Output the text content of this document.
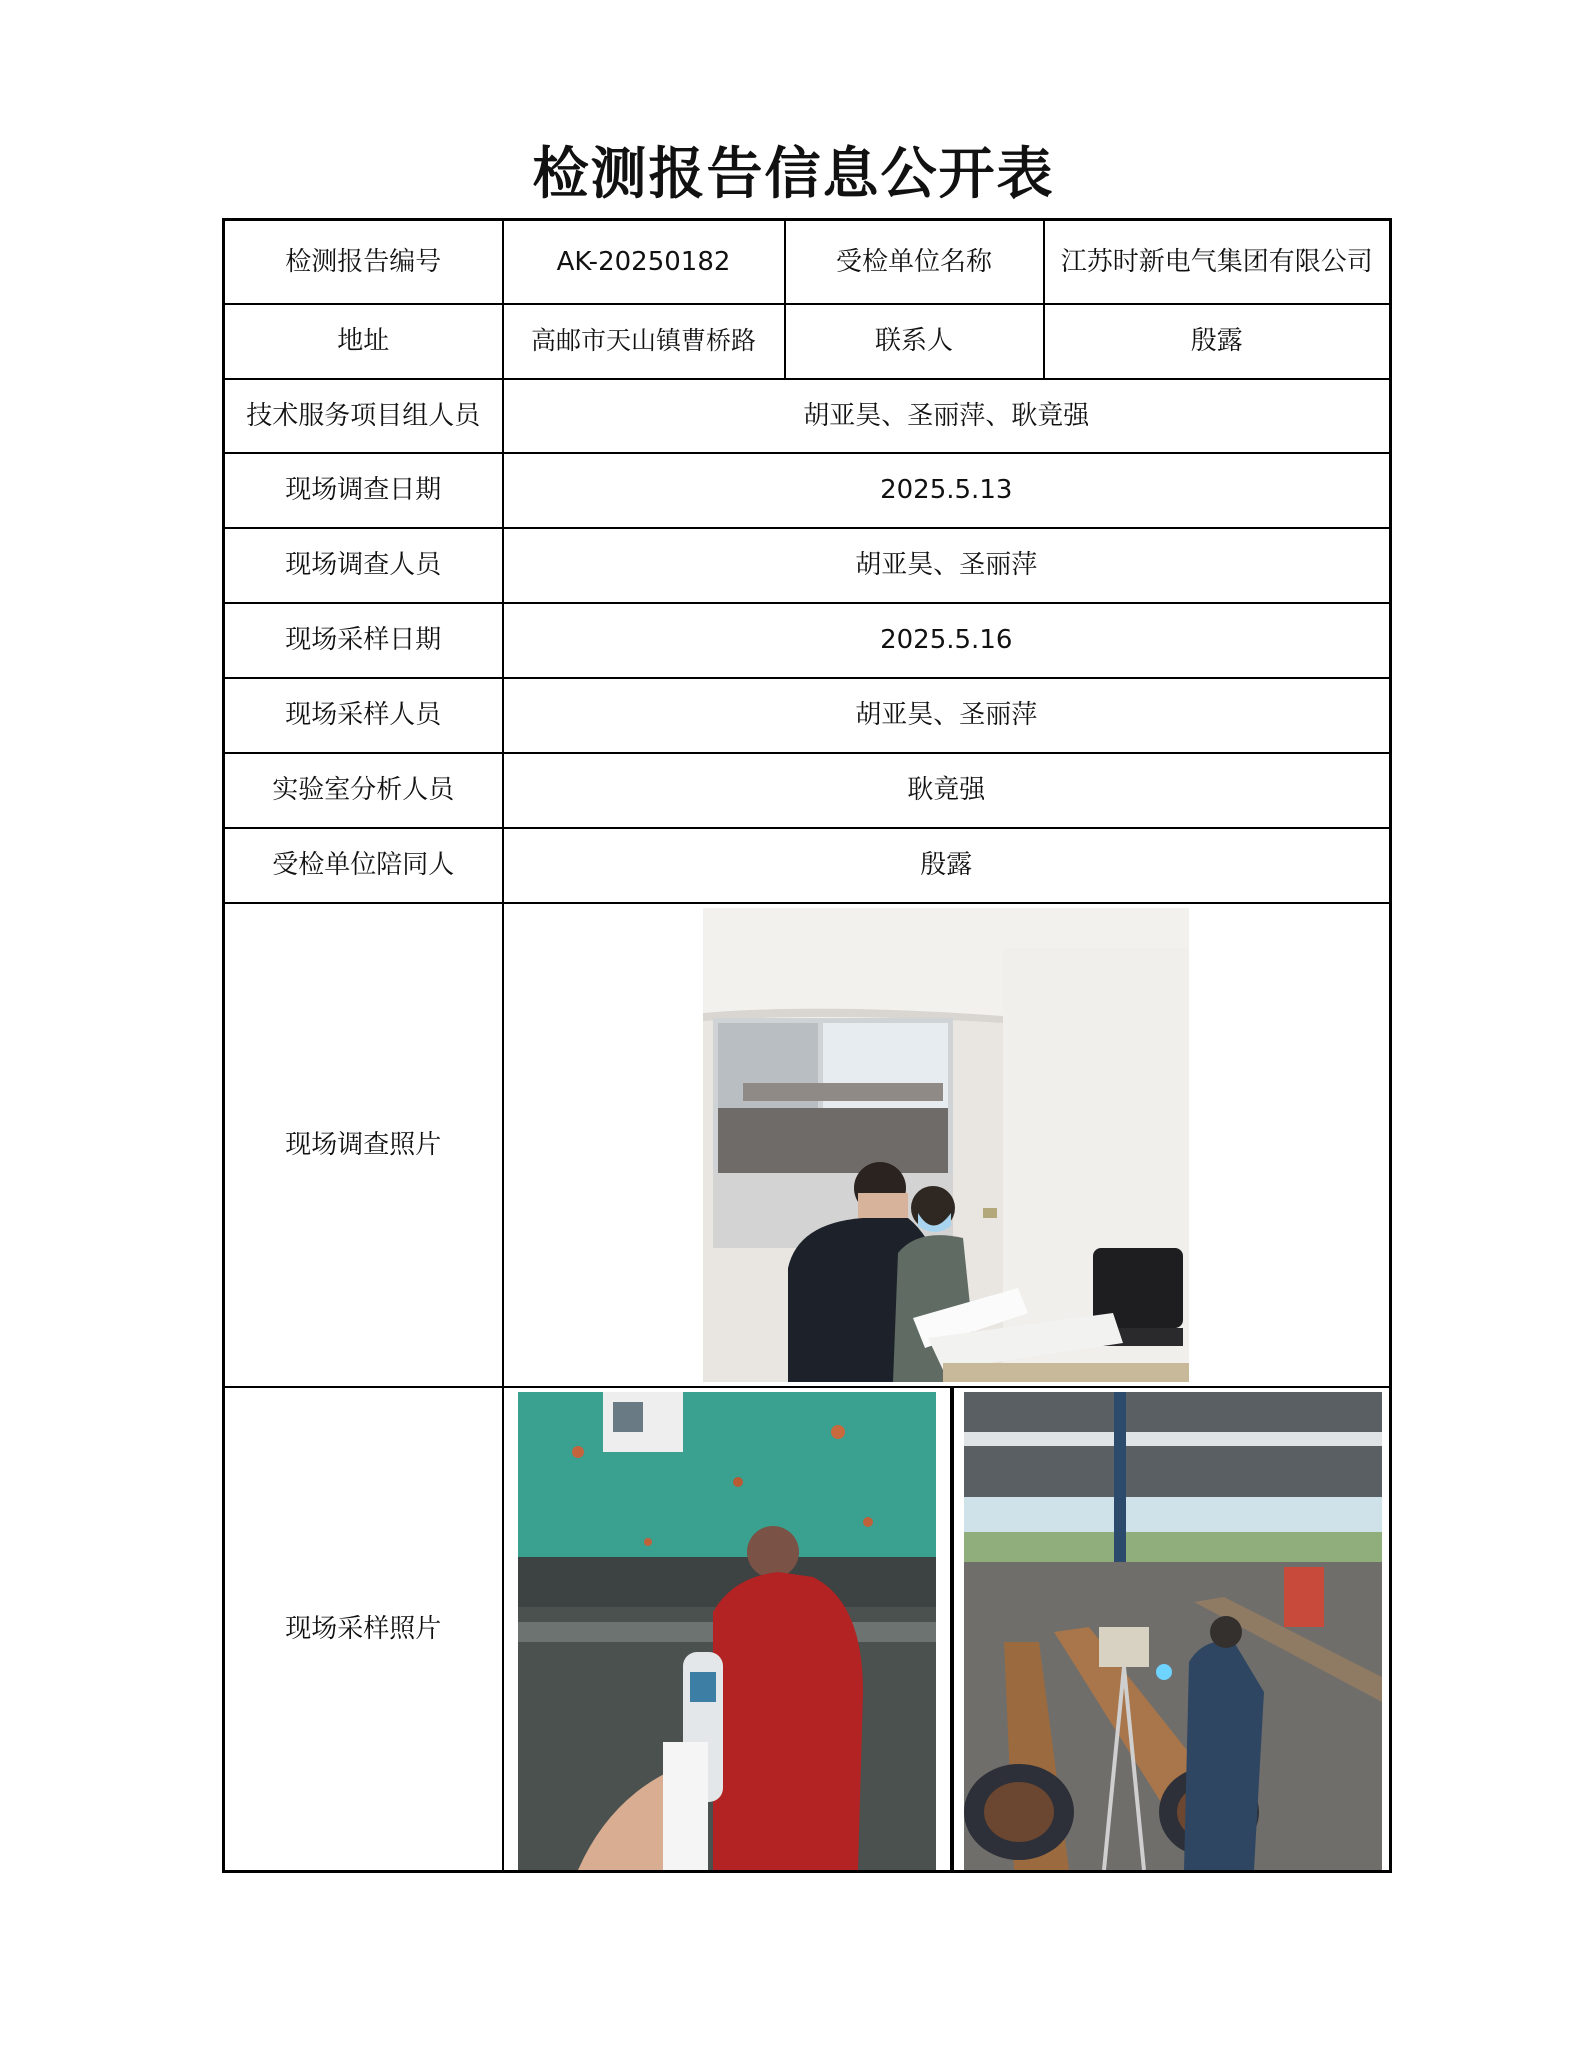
检测报告信息公开表
检测报告编号	AK-20250182	受检单位名称	江苏时新电气集团有限公司
地址	高邮市天山镇曹桥路	联系人	殷露
技术服务项目组人员	胡亚昊、圣丽萍、耿竟强		
现场调查日期	2025.5.13		
现场调查人员	胡亚昊、圣丽萍		
现场采样日期	2025.5.16		
现场采样人员	胡亚昊、圣丽萍		
实验室分析人员	耿竟强		
受检单位陪同人	殷露		
现场调查照片	

现场采样照片	
